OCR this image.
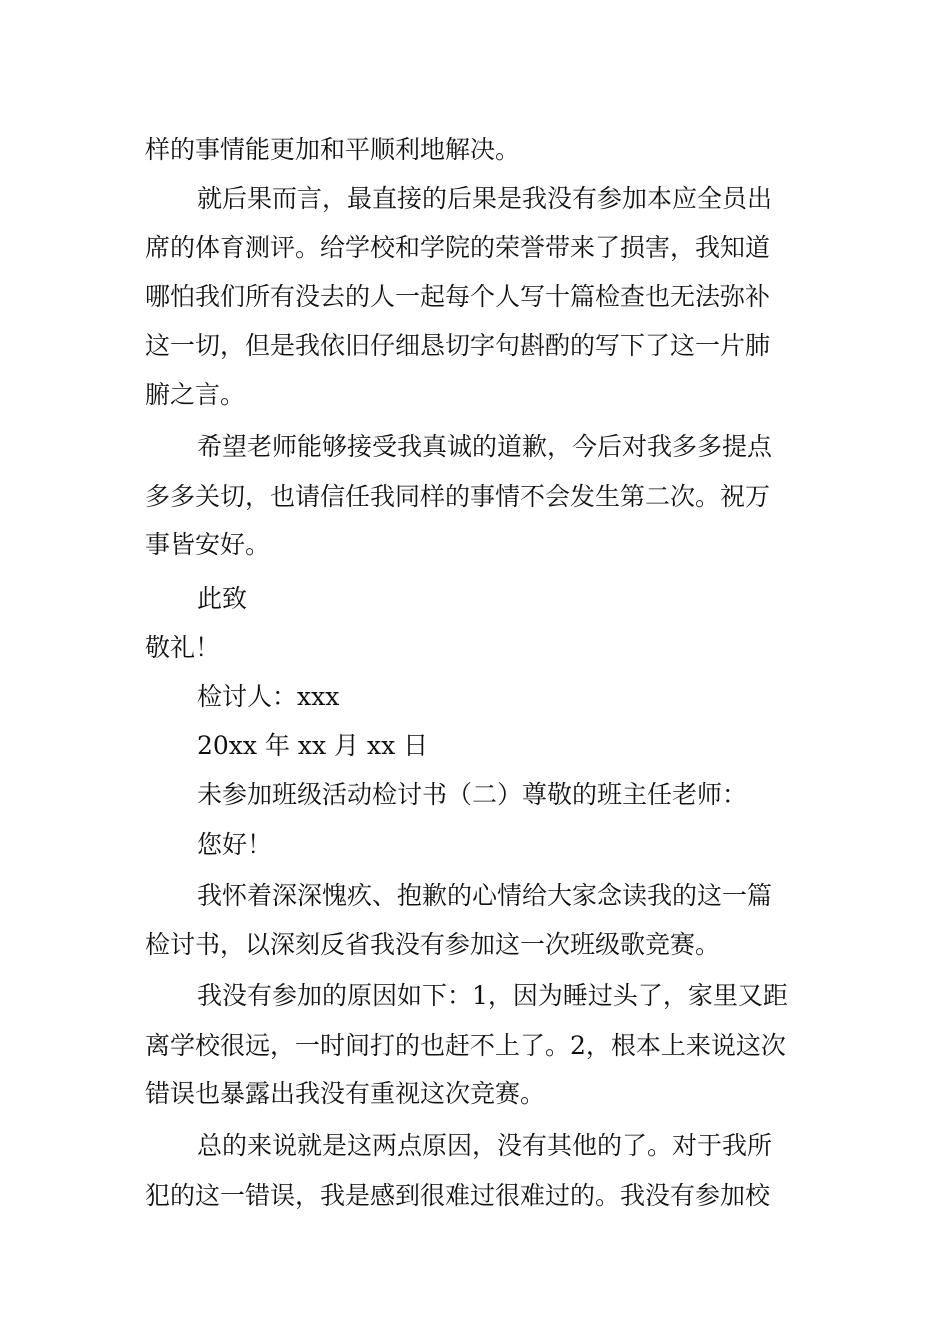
样的事情能更加和平顺利地解决。
就后果而言，最直接的后果是我没有参加本应全员出
席的体育测评。给学校和学院的荣誉带来了损害，我知道
哪怕我们所有没去的人一起每个人写十篇检查也无法弥补
这一切，但是我依旧仔细恳切字句斟酌的写下了这一片肺
腑之言。
希望老师能够接受我真诚的道歉，今后对我多多提点
多多关切，也请信任我同样的事情不会发生第二次。祝万
事皆安好。
此致
敬礼！
检讨人：xxx
20xx 年 xx 月 xx 日
未参加班级活动检讨书（二）尊敬的班主任老师：
您好！
我怀着深深愧疚、抱歉的心情给大家念读我的这一篇
检讨书，以深刻反省我没有参加这一次班级歌竞赛。
我没有参加的原因如下：1，因为睡过头了，家里又距
离学校很远，一时间打的也赶不上了。2，根本上来说这次
错误也暴露出我没有重视这次竞赛。
总的来说就是这两点原因，没有其他的了。对于我所
犯的这一错误，我是感到很难过很难过的。我没有参加校
